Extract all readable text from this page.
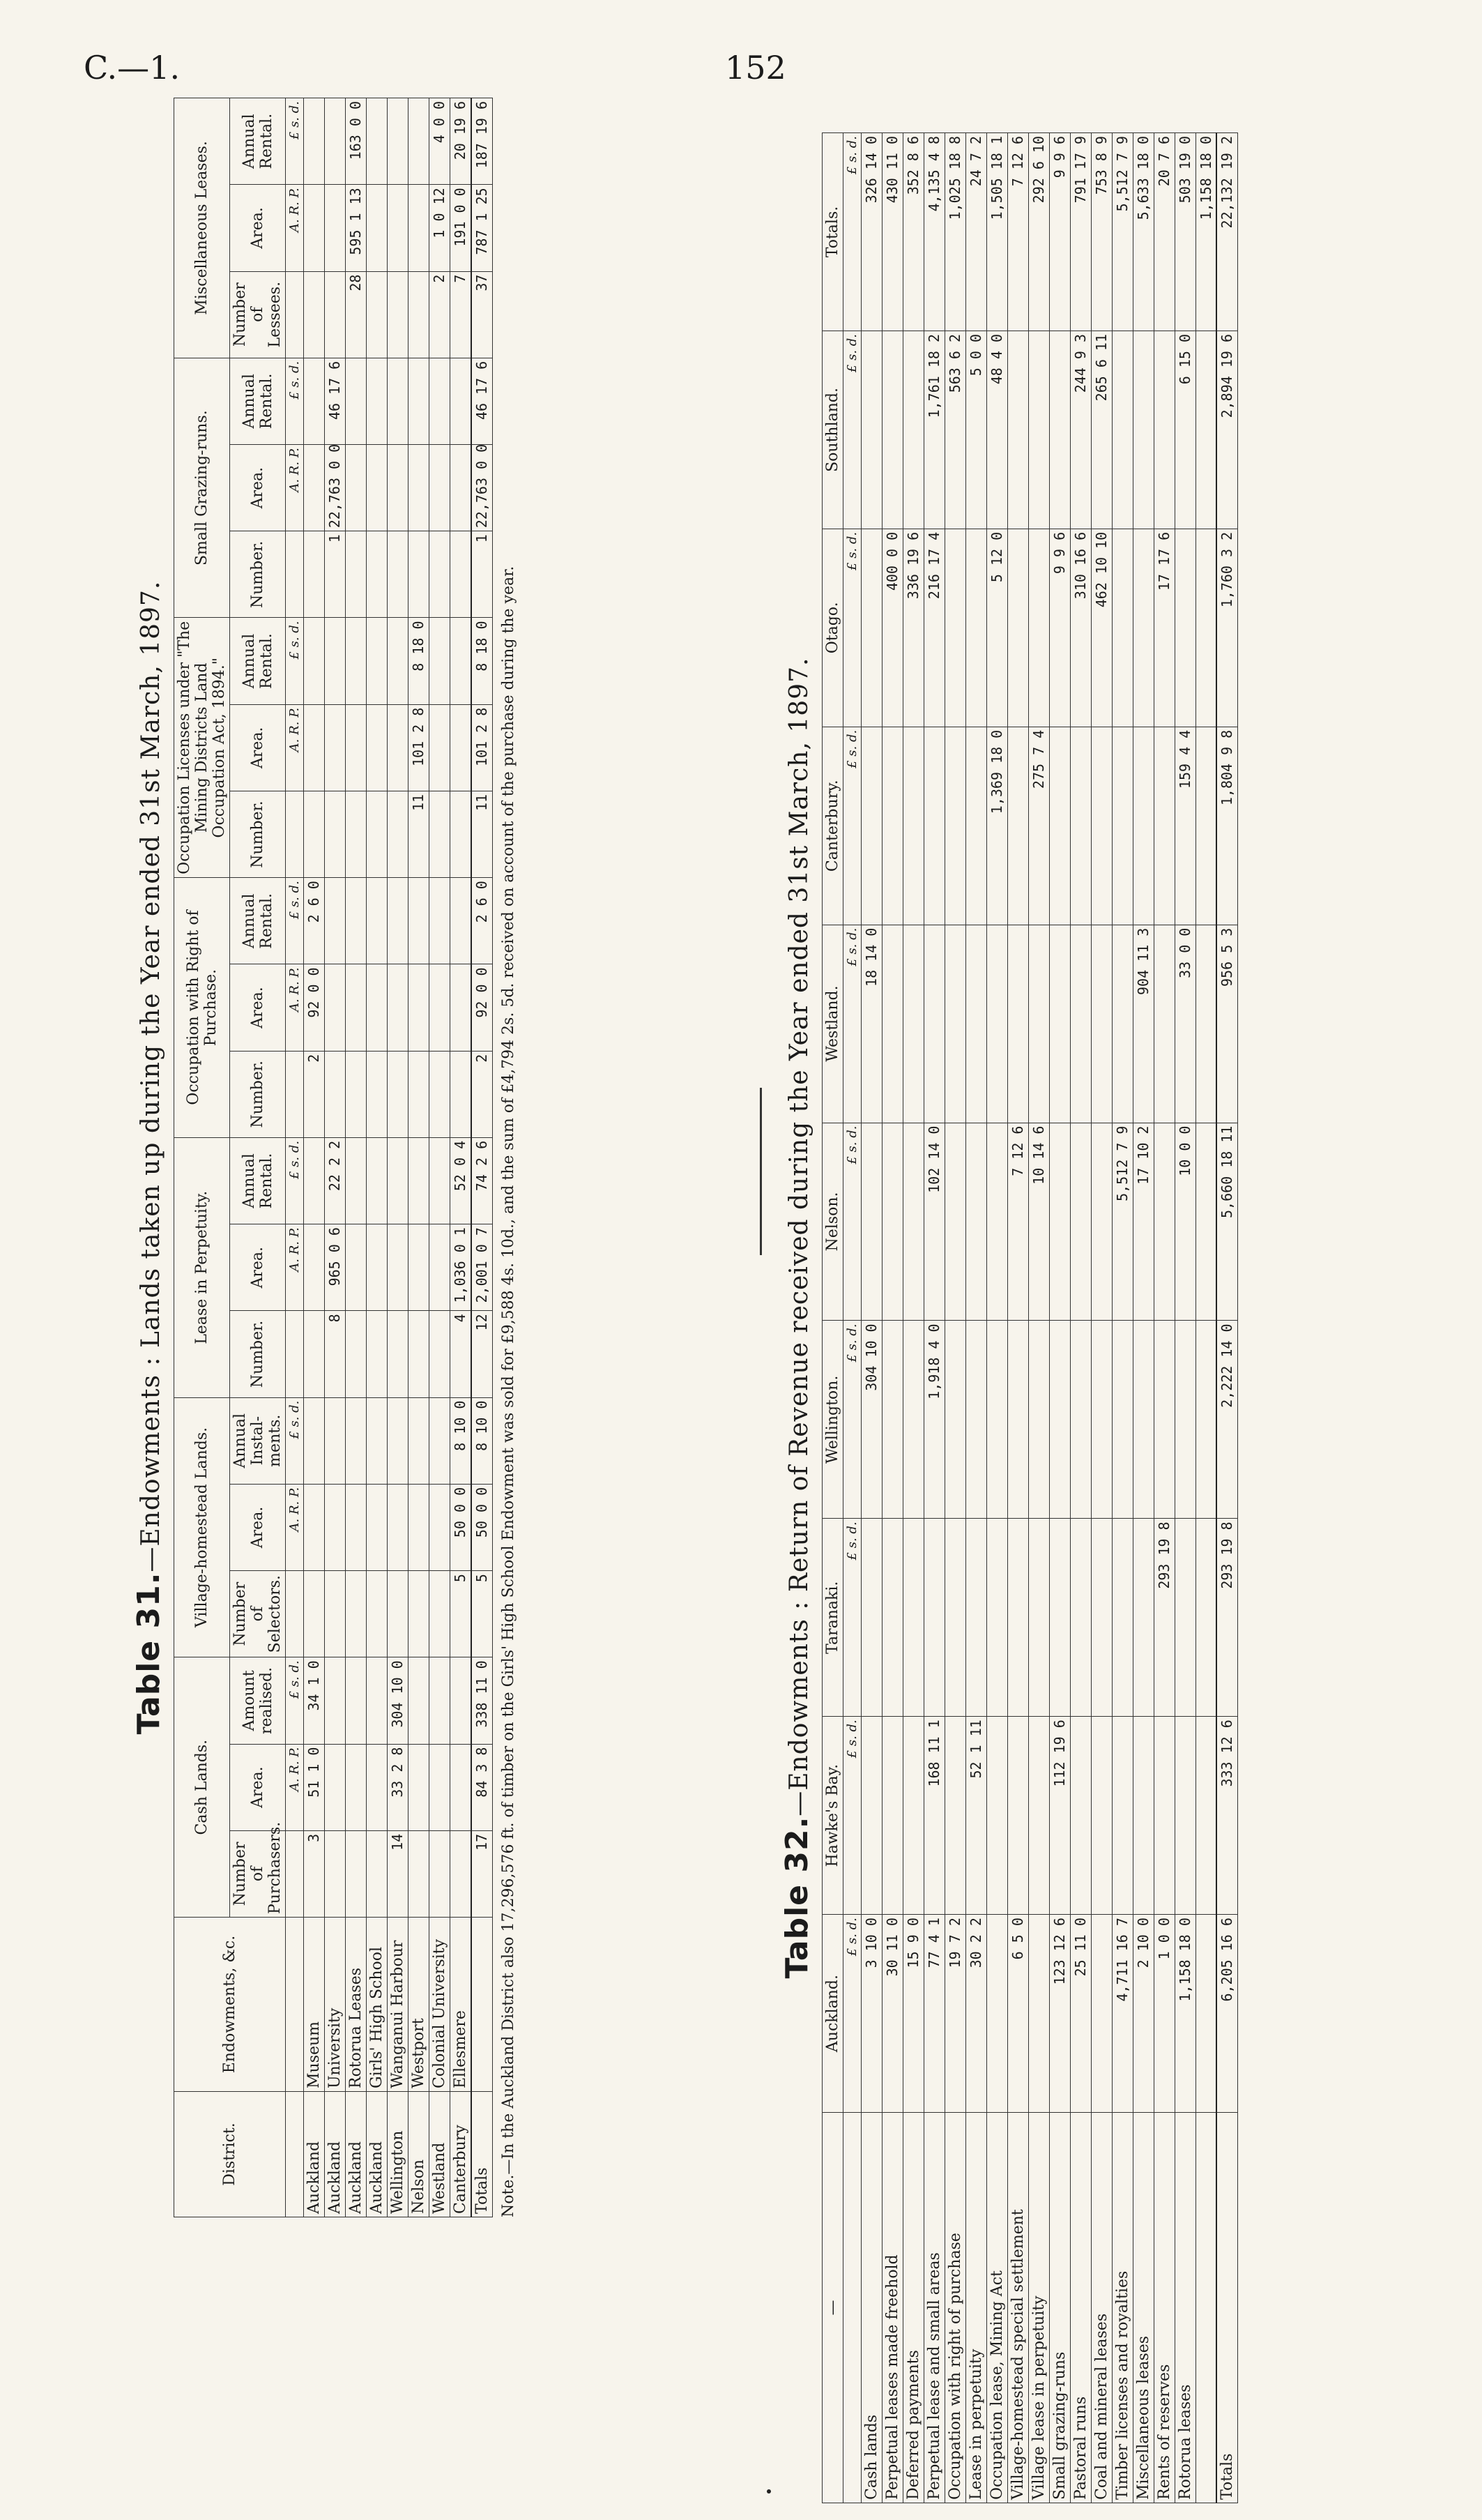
C.—1.	152
Table 31.—Endowments : Lands taken up during the Year ended 31st March, 1897.
District.	Endowments, &c.	Cash Lands.			Village-homestead Lands.			Lease in Perpetuity.			Occupation with Right of Purchase.			Occupation Licenses under "The Mining Districts Land Occupation Act, 1894."			Small Grazing-runs.			Miscellaneous Leases.		
		Number of Purchasers.	Area.	Amount realised.	Number of Selectors.	Area.	Annual Instal-ments.	Number.	Area.	Annual Rental.	Number.	Area.	Annual Rental.	Number.	Area.	Annual Rental.	Number.	Area.	Annual Rental.	Number of Lessees.	Area.	Annual Rental.
			A. R. P.	£ s. d.		A. R. P.	£ s. d.		A. R. P.	£ s. d.		A. R. P.	£ s. d.		A. R. P.	£ s. d.		A. R. P.	£ s. d.		A. R. P.	£ s. d.
Auckland	Museum	3	51 1 0	34 1 0							2	92 0 0	2 6 0									
Auckland	University							8	965 0 6	22 2 2							1	22,763 0 0	46 17 6			
Auckland	Rotorua Leases																			28	595 1 13	163 0 0
Auckland	Girls' High School																					
Wellington	Wanganui Harbour	14	33 2 8	304 10 0																		
Nelson	Westport													11	101 2 8	8 18 0						
Westland	Colonial University																			2	1 0 12	4 0 0
Canterbury	Ellesmere				5	50 0 0	8 10 0	4	1,036 0 1	52 0 4										7	191 0 0	20 19 6
Totals		17	84 3 8	338 11 0	5	50 0 0	8 10 0	12	2,001 0 7	74 2 6	2	92 0 0	2 6 0	11	101 2 8	8 18 0	1	22,763 0 0	46 17 6	37	787 1 25	187 19 6
Note.—In the Auckland District also 17,296,576 ft. of timber on the Girls' High School Endowment was sold for £9,588 4s. 10d., and the sum of £4,794 2s. 5d. received on account of the purchase during the year.	Table 32.—Endowments : Return of Revenue received during the Year ended 31st March, 1897.
—	Auckland.	Hawke's Bay.	Taranaki.	Wellington.	Nelson.	Westland.	Canterbury.	Otago.	Southland.	Totals.
	£ s. d.	£ s. d.	£ s. d.	£ s. d.	£ s. d.	£ s. d.	£ s. d.	£ s. d.	£ s. d.	£ s. d.
Cash lands	3 10 0			304 10 0		18 14 0				326 14 0
Perpetual leases made freehold	30 11 0							400 0 0		430 11 0
Deferred payments	15 9 0							336 19 6		352 8 6
Perpetual lease and small areas	77 4 1	168 11 1		1,918 4 0	102 14 0			216 17 4	1,761 18 2	4,135 4 8
Occupation with right of purchase	19 7 2								563 6 2	1,025 18 8
Lease in perpetuity	30 2 2	52 1 11							5 0 0	24 7 2
Occupation lease, Mining Act							1,369 18 0	5 12 0	48 4 0	1,505 18 1
Village-homestead special settlement	6 5 0				7 12 6					7 12 6
Village lease in perpetuity					10 14 6		275 7 4			292 6 10
Small grazing-runs	123 12 6	112 19 6						9 9 6		9 9 6
Pastoral runs	25 11 0							310 16 6	244 9 3	791 17 9
Coal and mineral leases								462 10 10	265 6 11	753 8 9
Timber licenses and royalties	4,711 16 7				5,512 7 9					5,512 7 9
Miscellaneous leases	2 10 0				17 10 2	904 11 3				5,633 18 0
Rents of reserves	1 0 0		293 19 8					17 17 6		20 7 6
Rotorua leases	1,158 18 0				10 0 0	33 0 0	159 4 4		6 15 0	503 19 0
										1,158 18 0
Totals	6,205 16 6	333 12 6	293 19 8	2,222 14 0	5,660 18 11	956 5 3	1,804 9 8	1,760 3 2	2,894 19 6	22,132 19 2
